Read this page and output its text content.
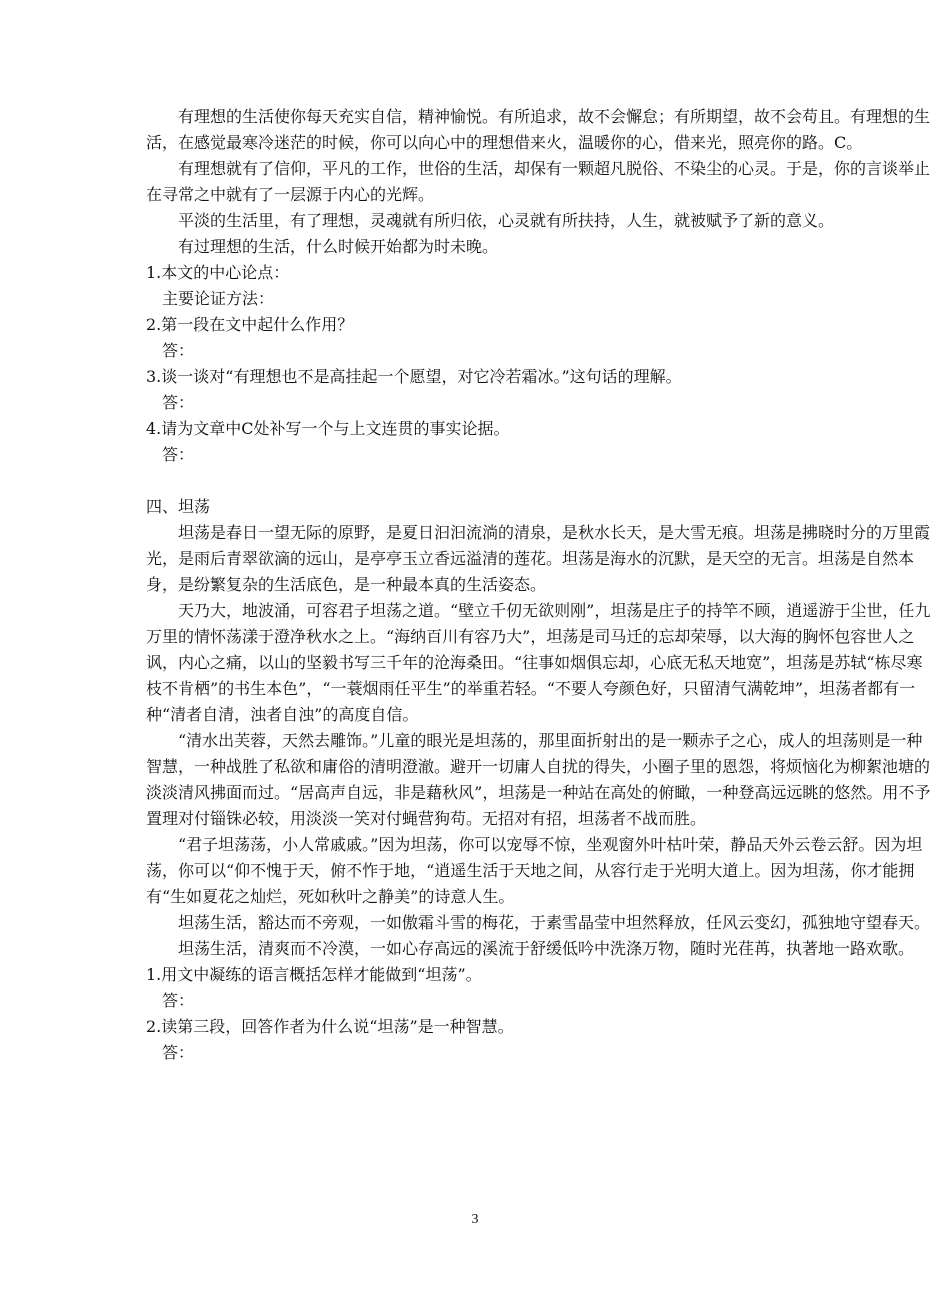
有理想的生活使你每天充实自信，精神愉悦。有所追求，故不会懈怠；有所期望，故不会苟且。有理想的生活，在感觉最寒冷迷茫的时候，你可以向心中的理想借来火，温暖你的心，借来光，照亮你的路。C。

有理想就有了信仰，平凡的工作，世俗的生活，却保有一颗超凡脱俗、不染尘的心灵。于是，你的言谈举止在寻常之中就有了一层源于内心的光辉。

平淡的生活里，有了理想，灵魂就有所归依，心灵就有所扶持，人生，就被赋予了新的意义。

有过理想的生活，什么时候开始都为时未晚。

1.本文的中心论点：

主要论证方法：

2.第一段在文中起什么作用？

答：

3.谈一谈对“有理想也不是高挂起一个愿望，对它冷若霜冰。”这句话的理解。

答：

4.请为文章中C处补写一个与上文连贯的事实论据。

答：

四、坦荡

坦荡是春日一望无际的原野，是夏日汩汩流淌的清泉，是秋水长天，是大雪无痕。坦荡是拂晓时分的万里霞光，是雨后青翠欲滴的远山，是亭亭玉立香远溢清的莲花。坦荡是海水的沉默，是天空的无言。坦荡是自然本身，是纷繁复杂的生活底色，是一种最本真的生活姿态。

天乃大，地波涌，可容君子坦荡之道。“壁立千仞无欲则刚”，坦荡是庄子的持竿不顾，逍遥游于尘世，任九万里的情怀荡漾于澄净秋水之上。“海纳百川有容乃大”，坦荡是司马迁的忘却荣辱，以大海的胸怀包容世人之讽，内心之痛，以山的坚毅书写三千年的沧海桑田。“往事如烟俱忘却，心底无私天地宽”，坦荡是苏轼“栋尽寒枝不肯栖”的书生本色”，“一蓑烟雨任平生”的举重若轻。“不要人夸颜色好，只留清气满乾坤”，坦荡者都有一种“清者自清，浊者自浊”的高度自信。

“清水出芙蓉，天然去雕饰。”儿童的眼光是坦荡的，那里面折射出的是一颗赤子之心，成人的坦荡则是一种智慧，一种战胜了私欲和庸俗的清明澄澈。避开一切庸人自扰的得失，小圈子里的恩怨，将烦恼化为柳絮池塘的淡淡清风拂面而过。“居高声自远，非是藉秋风”，坦荡是一种站在高处的俯瞰，一种登高远远眺的悠然。用不予置理对付锱铢必较，用淡淡一笑对付蝇营狗苟。无招对有招，坦荡者不战而胜。

“君子坦荡荡，小人常戚戚。”因为坦荡，你可以宠辱不惊，坐观窗外叶枯叶荣，静品天外云卷云舒。因为坦荡，你可以“仰不愧于天，俯不怍于地，“逍遥生活于天地之间，从容行走于光明大道上。因为坦荡，你才能拥有“生如夏花之灿烂，死如秋叶之静美”的诗意人生。

坦荡生活，豁达而不旁观，一如傲霜斗雪的梅花，于素雪晶莹中坦然释放，任风云变幻，孤独地守望春天。

坦荡生活，清爽而不冷漠，一如心存高远的溪流于舒缓低吟中洗涤万物，随时光荏苒，执著地一路欢歌。

1.用文中凝练的语言概括怎样才能做到“坦荡”。

答：

2.读第三段，回答作者为什么说“坦荡”是一种智慧。

答：

3
